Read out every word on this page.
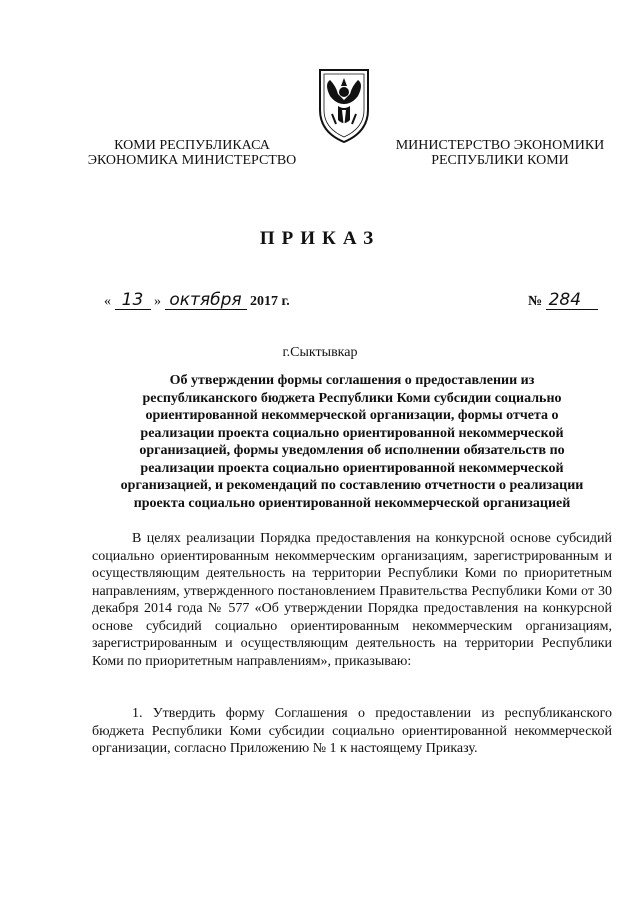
КОМИ РЕСПУБЛИКАСА
ЭКОНОМИКА МИНИСТЕРСТВО
МИНИСТЕРСТВО ЭКОНОМИКИ
РЕСПУБЛИКИ КОМИ
ПРИКАЗ
« 13 » октября 2017 г.	№ 284
г.Сыктывкар
Об утверждении формы соглашения о предоставлении из
республиканского бюджета Республики Коми субсидии социально
ориентированной некоммерческой организации, формы отчета о
реализации проекта социально ориентированной некоммерческой
организацией, формы уведомления об исполнении обязательств по
реализации проекта социально ориентированной некоммерческой
организацией, и рекомендаций по составлению отчетности о реализации
проекта социально ориентированной некоммерческой организацией
В целях реализации Порядка предоставления на конкурсной основе субсидий социально ориентированным некоммерческим организациям, зарегистрированным и осуществляющим деятельность на территории Республики Коми по приоритетным направлениям, утвержденного постановлением Правительства Республики Коми от 30 декабря 2014 года № 577 «Об утверждении Порядка предоставления на конкурсной основе субсидий социально ориентированным некоммерческим организациям, зарегистрированным и осуществляющим деятельность на территории Республики Коми по приоритетным направлениям», приказываю:
1. Утвердить форму Соглашения о предоставлении из республиканского бюджета Республики Коми субсидии социально ориентированной некоммерческой организации, согласно Приложению № 1 к настоящему Приказу.
